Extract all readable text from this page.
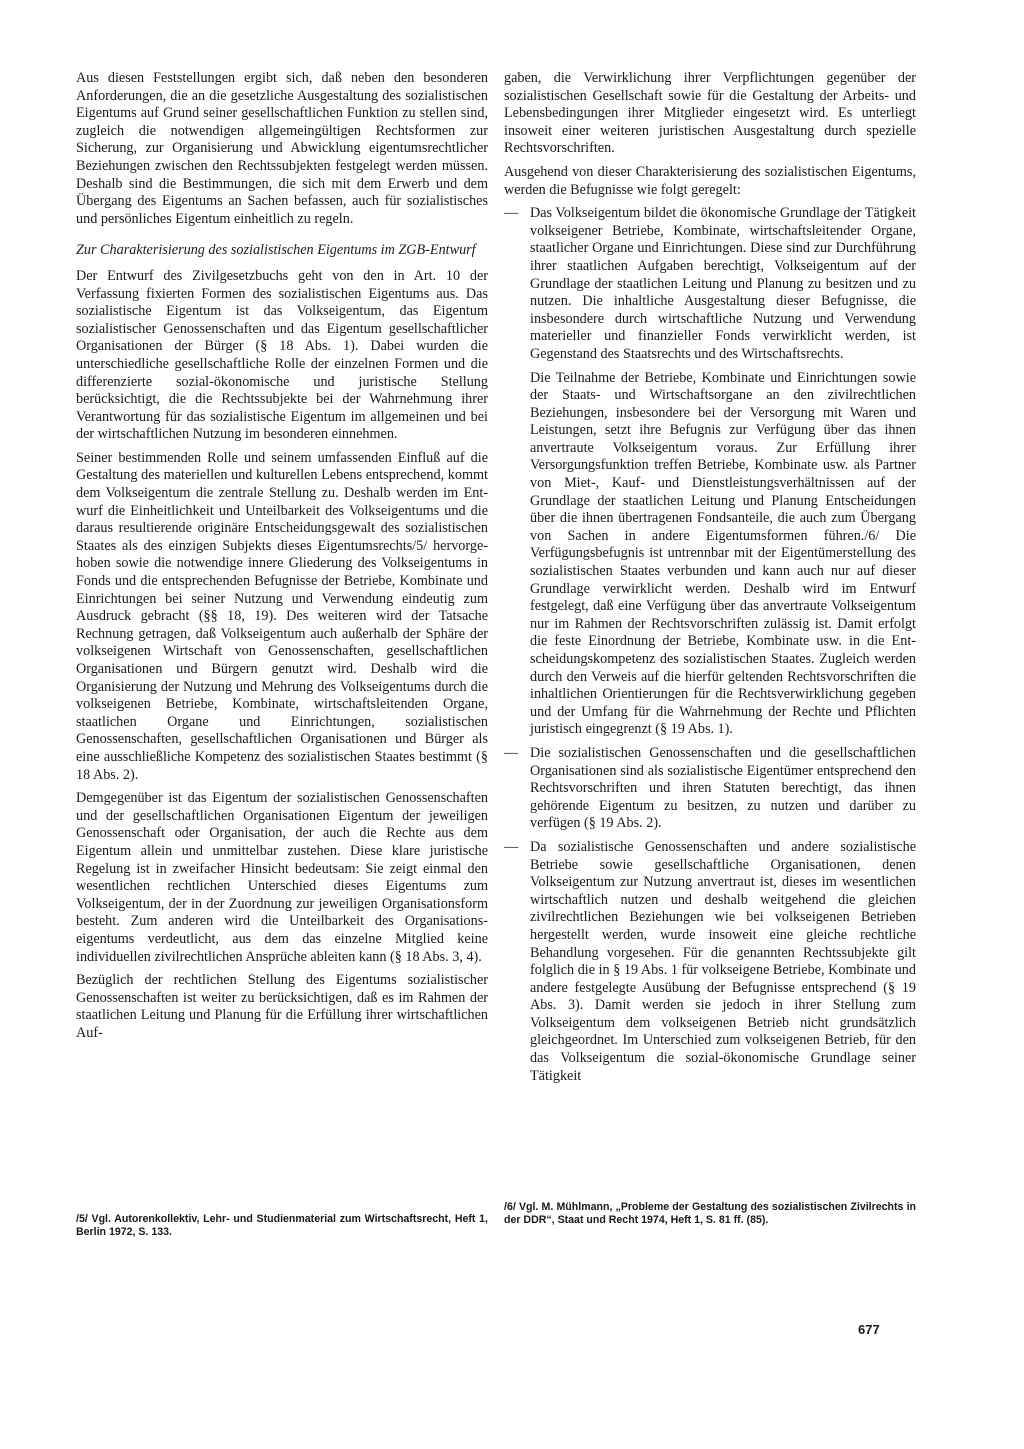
Aus diesen Feststellungen ergibt sich, daß neben den besonderen Anforderungen, die an die gesetzliche Ausgestaltung des sozialistischen Eigentums auf Grund seiner gesellschaftlichen Funktion zu stellen sind, zugleich die notwendigen allgemeingültigen Rechtsformen zur Sicherung, zur Organisierung und Abwicklung eigentumsrechtlicher Beziehungen zwischen den Rechtssubjekten festgelegt werden müssen. Deshalb sind die Bestimmungen, die sich mit dem Erwerb und dem Übergang des Eigentums an Sachen befassen, auch für sozialistisches und persönliches Eigentum einheitlich zu regeln.

Zur Charakterisierung des sozialistischen Eigentums im ZGB-Entwurf

Der Entwurf des Zivilgesetzbuchs geht von den in Art. 10 der Verfassung fixierten Formen des sozialistischen Eigentums aus. Das sozialistische Eigentum ist das Volkseigentum, das Eigentum sozialistischer Genossenschaften und das Eigentum gesellschaftlicher Organisationen der Bürger (§ 18 Abs. 1). Dabei wurden die unterschiedliche gesellschaftliche Rolle der einzelnen Formen und die differenzierte sozial-ökonomische und juristische Stellung berücksichtigt, die die Rechtssubjekte bei der Wahrnehmung ihrer Verantwortung für das sozialistische Eigentum im allgemeinen und bei der wirtschaftlichen Nutzung im besonderen einnehmen.

Seiner bestimmenden Rolle und seinem umfassenden Einfluß auf die Gestaltung des materiellen und kulturellen Lebens entsprechend, kommt dem Volkseigentum die zentrale Stellung zu. Deshalb werden im Entwurf die Einheitlichkeit und Unteilbarkeit des Volkseigentums und die daraus resultierende originäre Entscheidungsgewalt des sozialistischen Staates als des einzigen Subjekts dieses Eigentumsrechts/5/ hervorgehoben sowie die notwendige innere Gliederung des Volkseigentums in Fonds und die entsprechenden Befugnisse der Betriebe, Kombinate und Einrichtungen bei seiner Nutzung und Verwendung eindeutig zum Ausdruck gebracht (§§ 18, 19). Des weiteren wird der Tatsache Rechnung getragen, daß Volkseigentum auch außerhalb der Sphäre der volkseigenen Wirtschaft von Genossenschaften, gesellschaftlichen Organisationen und Bürgern genutzt wird. Deshalb wird die Organisierung der Nutzung und Mehrung des Volkseigentums durch die volkseigenen Betriebe, Kombinate, wirtschaftsleitenden Organe, staatlichen Organe und Einrichtungen, sozialistischen Genossenschaften, gesellschaftlichen Organisationen und Bürger als eine ausschließliche Kompetenz des sozialistischen Staates bestimmt (§ 18 Abs. 2).

Demgegenüber ist das Eigentum der sozialistischen Genossenschaften und der gesellschaftlichen Organisationen Eigentum der jeweiligen Genossenschaft oder Organisation, der auch die Rechte aus dem Eigentum allein und unmittelbar zustehen. Diese klare juristische Regelung ist in zweifacher Hinsicht bedeutsam: Sie zeigt einmal den wesentlichen rechtlichen Unterschied dieses Eigentums zum Volkseigentum, der in der Zuordnung zur jeweiligen Organisationsform besteht. Zum anderen wird die Unteilbarkeit des Organisationseigentums verdeutlicht, aus dem das einzelne Mitglied keine individuellen zivilrechtlichen Ansprüche ableiten kann (§ 18 Abs. 3, 4).

Bezüglich der rechtlichen Stellung des Eigentums sozialistischer Genossenschaften ist weiter zu berücksichtigen, daß es im Rahmen der staatlichen Leitung und Planung für die Erfüllung ihrer wirtschaftlichen Auf-

gaben, die Verwirklichung ihrer Verpflichtungen gegenüber der sozialistischen Gesellschaft sowie für die Gestaltung der Arbeits- und Lebensbedingungen ihrer Mitglieder eingesetzt wird. Es unterliegt insoweit einer weiteren juristischen Ausgestaltung durch spezielle Rechtsvorschriften.

Ausgehend von dieser Charakterisierung des sozialistischen Eigentums, werden die Befugnisse wie folgt geregelt:

— Das Volkseigentum bildet die ökonomische Grundlage der Tätigkeit volkseigener Betriebe, Kombinate, wirtschaftsleitender Organe, staatlicher Organe und Einrichtungen. Diese sind zur Durchführung ihrer staatlichen Aufgaben berechtigt, Volkseigentum auf der Grundlage der staatlichen Leitung und Planung zu besitzen und zu nutzen. Die inhaltliche Ausgestaltung dieser Befugnisse, die insbesondere durch wirtschaftliche Nutzung und Verwendung materieller und finanzieller Fonds verwirklicht werden, ist Gegenstand des Staatsrechts und des Wirtschaftsrechts.

Die Teilnahme der Betriebe, Kombinate und Einrichtungen sowie der Staats- und Wirtschaftsorgane an den zivilrechtlichen Beziehungen, insbesondere bei der Versorgung mit Waren und Leistungen, setzt ihre Befugnis zur Verfügung über das ihnen anvertraute Volkseigentum voraus. Zur Erfüllung ihrer Versorgungsfunktion treffen Betriebe, Kombinate usw. als Partner von Miet-, Kauf- und Dienstleistungsverhältnissen auf der Grundlage der staatlichen Leitung und Planung Entscheidungen über die ihnen übertragenen Fondsanteile, die auch zum Übergang von Sachen in andere Eigentumsformen führen./6/ Die Verfügungsbefugnis ist untrennbar mit der Eigentümerstellung des sozialistischen Staates verbunden und kann auch nur auf dieser Grundlage verwirklicht werden. Deshalb wird im Entwurf festgelegt, daß eine Verfügung über das anvertraute Volkseigentum nur im Rahmen der Rechtsvorschriften zulässig ist. Damit erfolgt die feste Einordnung der Betriebe, Kombinate usw. in die Entscheidungskompetenz des sozialistischen Staates. Zugleich werden durch den Verweis auf die hierfür geltenden Rechtsvorschriften die inhaltlichen Orientierungen für die Rechtsverwirklichung gegeben und der Umfang für die Wahrnehmung der Rechte und Pflichten juristisch eingegrenzt (§ 19 Abs. 1).

— Die sozialistischen Genossenschaften und die gesellschaftlichen Organisationen sind als sozialistische Eigentümer entsprechend den Rechtsvorschriften und ihren Statuten berechtigt, das ihnen gehörende Eigentum zu besitzen, zu nutzen und darüber zu verfügen (§ 19 Abs. 2).

— Da sozialistische Genossenschaften und andere sozialistische Betriebe sowie gesellschaftliche Organisationen, denen Volkseigentum zur Nutzung anvertraut ist, dieses im wesentlichen wirtschaftlich nutzen und deshalb weitgehend die gleichen zivilrechtlichen Beziehungen wie bei volkseigenen Betrieben hergestellt werden, wurde insoweit eine gleiche rechtliche Behandlung vorgesehen. Für die genannten Rechtssubjekte gilt folglich die in § 19 Abs. 1 für volkseigene Betriebe, Kombinate und andere festgelegte Ausübung der Befugnisse entsprechend (§ 19 Abs. 3). Damit werden sie jedoch in ihrer Stellung zum Volkseigentum dem volkseigenen Betrieb nicht grundsätzlich gleichgeordnet. Im Unterschied zum volkseigenen Betrieb, für den das Volkseigentum die sozial-ökonomische Grundlage seiner Tätigkeit

/5/ Vgl. Autorenkollektiv, Lehr- und Studienmaterial zum Wirtschaftsrecht, Heft 1, Berlin 1972, S. 133.
/6/ Vgl. M. Mühlmann, „Probleme der Gestaltung des sozialistischen Zivilrechts in der DDR“, Staat und Recht 1974, Heft 1, S. 81 ff. (85).
677
